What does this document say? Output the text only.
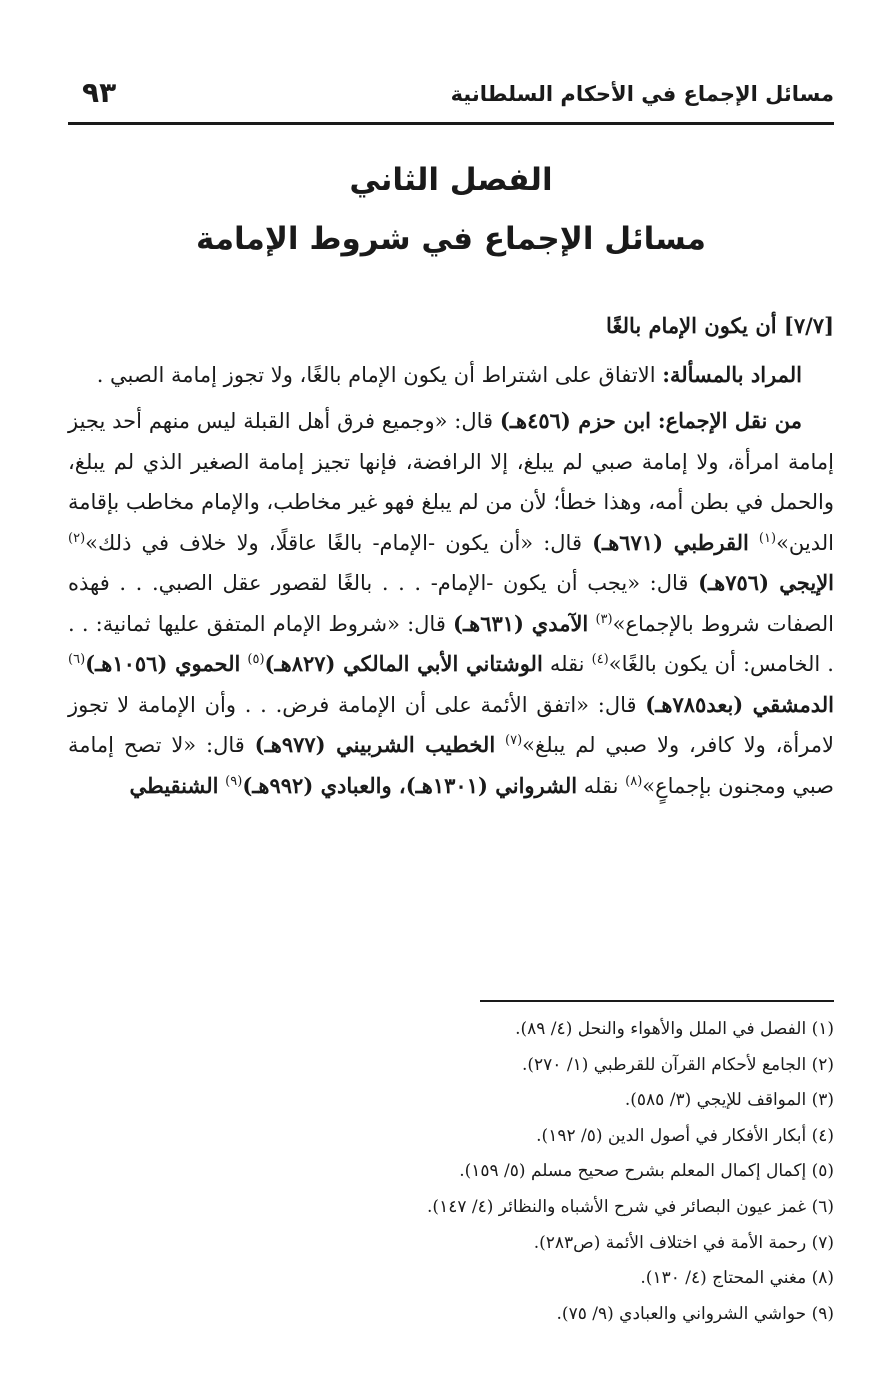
مسائل الإجماع في الأحكام السلطانية
٩٣
الفصل الثاني
مسائل الإجماع في شروط الإمامة

[٧/٧] أن يكون الإمام بالغًا

المراد بالمسألة: الاتفاق على اشتراط أن يكون الإمام بالغًا، ولا تجوز إمامة الصبي .

من نقل الإجماع: ابن حزم (٤٥٦هـ) قال: «وجميع فرق أهل القبلة ليس منهم أحد يجيز إمامة امرأة، ولا إمامة صبي لم يبلغ، إلا الرافضة، فإنها تجيز إمامة الصغير الذي لم يبلغ، والحمل في بطن أمه، وهذا خطأ؛ لأن من لم يبلغ فهو غير مخاطب، والإمام مخاطب بإقامة الدين»$^{(١)}$ القرطبي (٦٧١هـ) قال: «أن يكون -الإمام- بالغًا عاقلًا، ولا خلاف في ذلك»$^{(٢)}$ الإيجي (٧٥٦هـ) قال: «يجب أن يكون -الإمام- . . . بالغًا لقصور عقل الصبي. . . فهذه الصفات شروط بالإجماع»$^{(٣)}$ الآمدي (٦٣١هـ) قال: «شروط الإمام المتفق عليها ثمانية: . . . الخامس: أن يكون بالغًا»$^{(٤)}$ نقله الوشتاني الأبي المالكي (٨٢٧هـ)$^{(٥)}$ الحموي (١٠٥٦هـ)$^{(٦)}$ الدمشقي (بعد٧٨٥هـ) قال: «اتفق الأئمة على أن الإمامة فرض. . . وأن الإمامة لا تجوز لامرأة، ولا كافر، ولا صبي لم يبلغ»$^{(٧)}$ الخطيب الشربيني (٩٧٧هـ) قال: «لا تصح إمامة صبي ومجنون بإجماعٍ»$^{(٨)}$ نقله الشرواني (١٣٠١هـ)، والعبادي (٩٩٢هـ)$^{(٩)}$ الشنقيطي

(١) الفصل في الملل والأهواء والنحل (٤/ ٨٩).
(٢) الجامع لأحكام القرآن للقرطبي (١/ ٢٧٠).
(٣) المواقف للإيجي (٣/ ٥٨٥).
(٤) أبكار الأفكار في أصول الدين (٥/ ١٩٢).
(٥) إكمال إكمال المعلم بشرح صحيح مسلم (٥/ ١٥٩).
(٦) غمز عيون البصائر في شرح الأشباه والنظائر (٤/ ١٤٧).
(٧) رحمة الأمة في اختلاف الأئمة (ص٢٨٣).
(٨) مغني المحتاج (٤/ ١٣٠).
(٩) حواشي الشرواني والعبادي (٩/ ٧٥).
